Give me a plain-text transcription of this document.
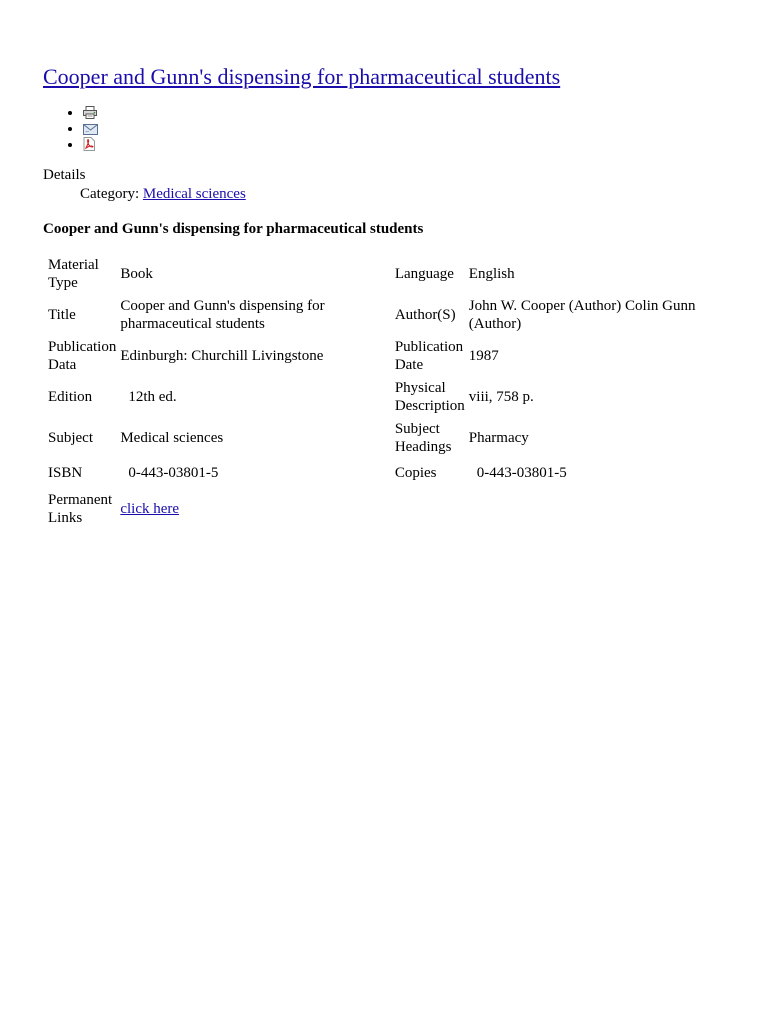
Cooper and Gunn's dispensing for pharmaceutical students
•
•
•
Details
Category: Medical sciences

Cooper and Gunn's dispensing for pharmaceutical students

Material Type	Book	Language	English
Title	Cooper and Gunn's dispensing for pharmaceutical students	Author(S)	John W. Cooper (Author) Colin Gunn (Author)
Publication Data	Edinburgh: Churchill Livingstone	Publication Date	1987
Edition	12th ed.	Physical Description	viii, 758 p.
Subject	Medical sciences	Subject Headings	Pharmacy
ISBN	0-443-03801-5	Copies	0-443-03801-5
Permanent Links	click here		
